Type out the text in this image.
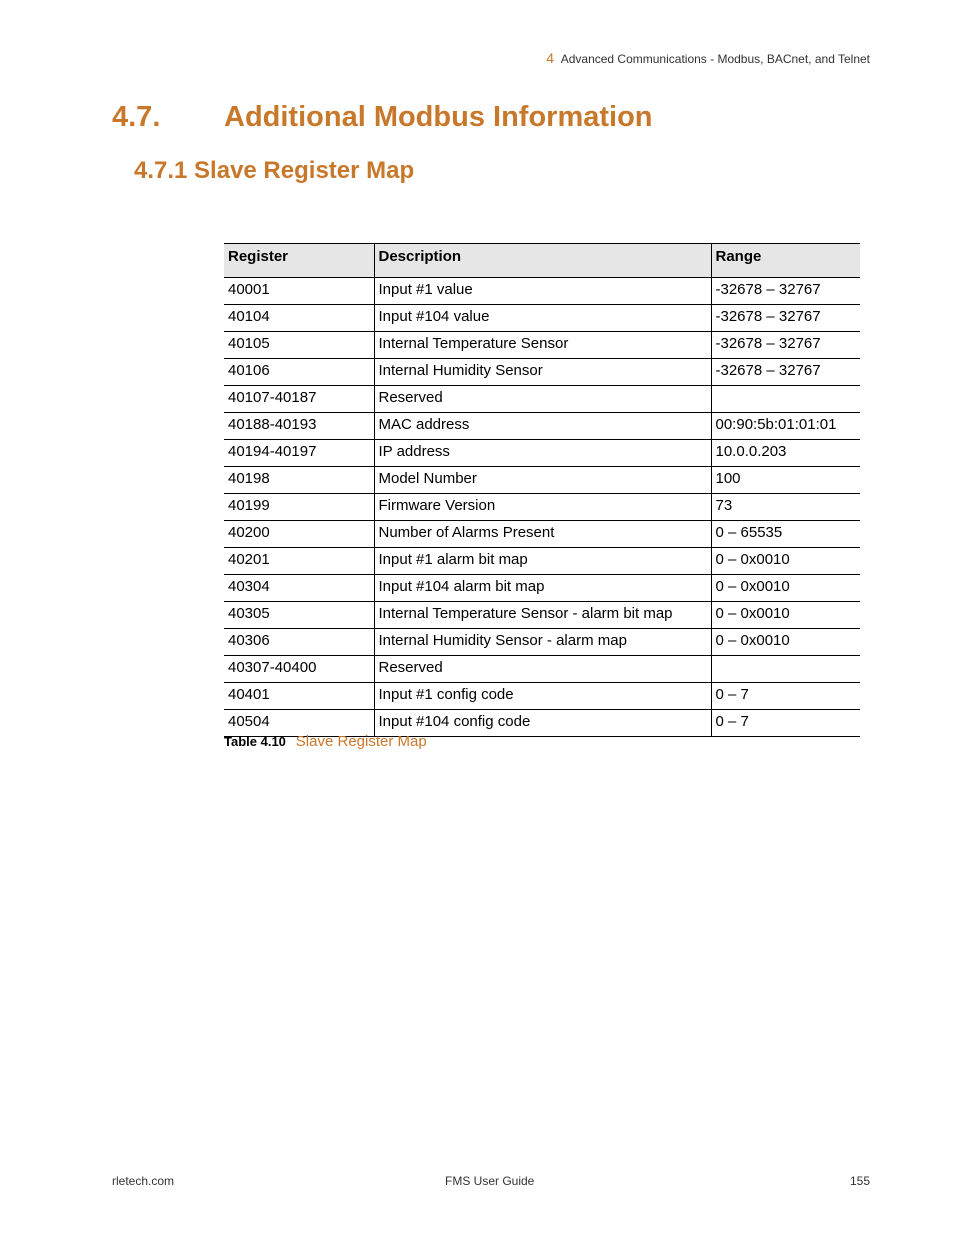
4 Advanced Communications - Modbus, BACnet, and Telnet
4.7. Additional Modbus Information
4.7.1 Slave Register Map
Register	Description	Range
40001	Input #1 value	-32678 – 32767
40104	Input #104 value	-32678 – 32767
40105	Internal Temperature Sensor	-32678 – 32767
40106	Internal Humidity Sensor	-32678 – 32767
40107-40187	Reserved	
40188-40193	MAC address	00:90:5b:01:01:01
40194-40197	IP address	10.0.0.203
40198	Model Number	100
40199	Firmware Version	73
40200	Number of Alarms Present	0 – 65535
40201	Input #1 alarm bit map	0 – 0x0010
40304	Input #104 alarm bit map	0 – 0x0010
40305	Internal Temperature Sensor - alarm bit map	0 – 0x0010
40306	Internal Humidity Sensor - alarm map	0 – 0x0010
40307-40400	Reserved	
40401	Input #1 config code	0 – 7
40504	Input #104 config code	0 – 7
Table 4.10 Slave Register Map
rletech.com	FMS User Guide	155
